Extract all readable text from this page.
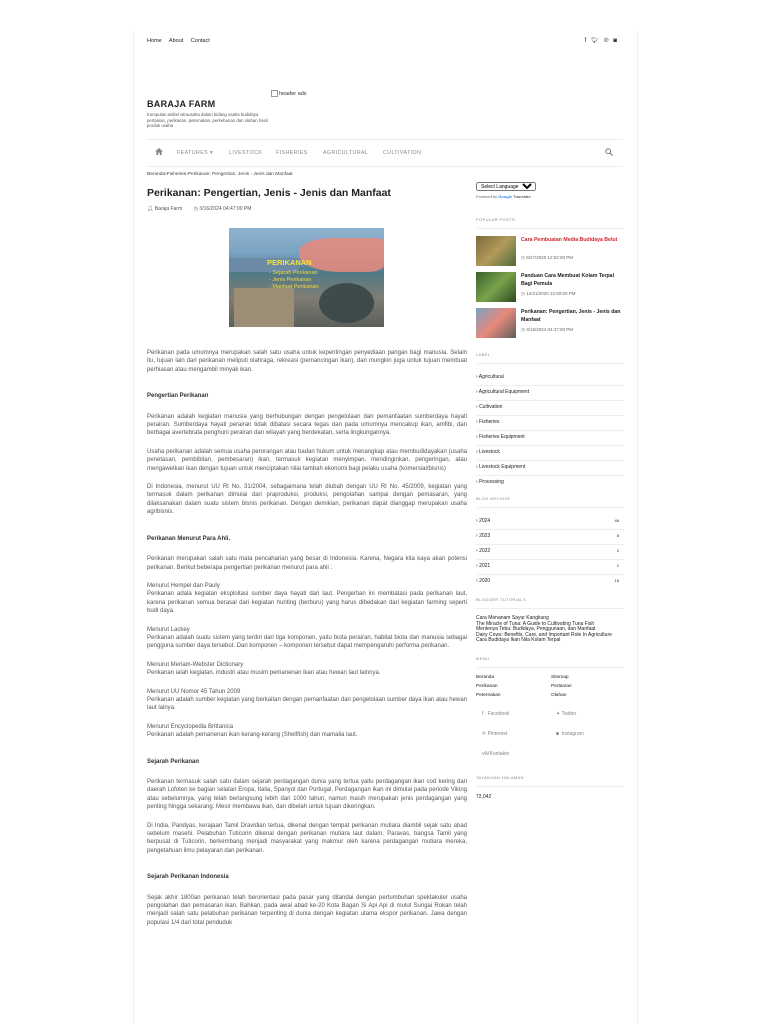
Home About Contact	f🐦︎℗◙
BARAJA FARM
Kumpulan artikel wirausaha dalam bidang usaha budidaya pertanian, perikanan, peternakan, perkebunan dan olahan hasil produk usaha
header ads
FEATURES ▾	LIVESTOCK	FISHERIES	AGRICULTURAL	CULTIVATION
Beranda›Fisheries›Perikanan: Pengertian, Jenis - Jenis dan Manfaat
Perikanan: Pengertian, Jenis - Jenis dan Manfaat
👤︎ Baraja Farm ◷ 3/16/2024 04:47:00 PM
PERIKANAN
- Sejarah Perikanan
- Jenis Perikanan
- Manfaat Perikanan

Perikanan pada umumnya merupakan salah satu usaha untuk kepentingan penyediaan pangan bagi manusia. Selain itu, tujuan lain dari perikanan meliputi olahraga, rekreasi (pemancingan ikan), dan mungkin juga untuk tujuan membuat perhiasan atau mengambil minyak ikan.

Pengertian Perikanan

Perikanan adalah kegiatan manusia yang berhubungan dengan pengelolaan dan pemanfaatan sumberdaya hayati perairan. Sumberdaya hayati perairan tidak dibatasi secara tegas dan pada umumnya mencakup ikan, amfibi, dan berbagai avertebrata penghuni perairan dan wilayah yang berdekatan, serta lingkungannya.

Usaha perikanan adalah semua usaha perorangan atau badan hukum untuk menangkap atau membudidayakan (usaha penetasan, pembibitan, pembesaran) ikan, termasuk kegiatan menyimpan, mendinginkan, pengeringan, atau mengawetkan ikan dengan tujuan untuk menciptakan nilai tambah ekonomi bagi pelaku usaha (komersial/bisnis)

Di Indonesia, menurut UU RI No. 31/2004, sebagaimana telah diubah dengan UU RI No. 45/2009, kegiatan yang termasuk dalam perikanan dimulai dari praproduksi, produksi, pengolahan sampai dengan pemasaran, yang dilaksanakan dalam suatu sistem bisnis perikanan. Dengan demikian, perikanan dapat dianggap merupakan usaha agribisnis.

Perikanan Menurut Para Ahli.

Perikanan merupakan salah satu mata pencaharian yang besar di Indonesia. Karena, Negara kita kaya akan potensi perikanan. Berikut beberapa pengertian perikanan menurut para ahli :

Menurut Hempel dan Pauly
Perikanan adala kegiatan eksploitasi sumber daya hayati dari laut. Pengertian ini membatasi pada perikanan laut, karena perikanan semua berasal dari kegiatan hunting (berburu) yang harus dibedakan dari kegiatan farming seperti budi daya.

Menurut Lackey
Perikanan adalah suatu sistem yang terdiri dari tiga komponen, yaitu biota perairan, habitat biota dan manusia sebagai pengguna sumber daya tersebut. Dari komponen – komponen tersebut dapat mempengaruhi performa perikanan.

Menurut Meriam-Webster Dictionary
Perikanan ialah kegiatan, industri atau musim pemanenan ikan atau hewan laut lainnya.

Menurut UU Nomor 45 Tahun 2009
Perikanan adalah sumber kegiatan yang berkaitan dengan pemanfaatan dan pengelolaan sumber daya ikan atau hewan laut lainya.

Menurut Encyclopedia Brittanica
Perikanan adalah pemanenan ikan kerang-kerang (Shellfish) dan mamalia laut.

Sejarah Perikanan

Perikanan termasuk salah satu dalam sejarah perdagangan dunia yang tertua yaitu perdagangan ikan cod kering dari daerah Lofoten ke bagian selatan Eropa, Italia, Spanyol dan Portugal. Perdagangan ikan ini dimulai pada periode Viking atau sebelumnya, yang telah berlangsung lebih dari 1000 tahun, namun masih merupakan jenis perdagangan yang penting hingga sekarang. Mesir membawa ikan, dan dibelah untuk tujuan dikeringkan.

Di India, Pandyas, kerajaan Tamil Dravidian tertua, dikenal dengan tempat perikanan mutiara diambil sejak satu abad sebelum masehi. Pelabuhan Tuticorin dikenal dengan perikanan mutiara laut dalam. Paravas, bangsa Tamil yang berpusat di Tuticorin, berkembang menjadi masyarakat yang makmur oleh karena perdagangan mutiara mereka, pengetahuan ilmu pelayaran dan perikanan.

Sejarah Perikanan Indonesia

Sejak akhir 1800an perikanan telah berorientasi pada pasar yang ditandai dengan pertumbuhan spektakuler usaha pengolahan dan pemasaran ikan. Bahkan, pada awal abad ke-20 Kota Bagan Si Api Api di mulut Sungai Rokan telah menjadi salah satu pelabuhan perikanan terpenting di dunia dengan kegiatan utama ekspor perikanan. Jawa dengan populasi 1/4 dari total penduduk

Select Language
Powered by Google Translate
POPULAR POSTS
Cara Pembuatan Media Budidaya Belut
◷ 9/27/2020 12:02:00 PM
Panduan Cara Membuat Kolam Terpal Bagi Pemula
◷ 12/21/2020 12:50:00 PM
Perikanan: Pengertian, Jenis - Jenis dan Manfaat
◷ 3/16/2024 04:47:00 PM
LABEL
› Agricultural
› Agricultural Equipment
› Cultivation
› Fisheries
› Fisheries Equipment
› Livestock
› Livestock Equipment
› Processing
BLOG ARCHIVE
› 2024	46
› 2023	8
› 2022	2
› 2021	1
› 2020	15
BLOGGER TUTORIALS
Cara Menanam Sayur Kangkung
The Miracle of Tuna: A Guide to Cultivating Tuna Fish
Mentenya Tebu: Budidaya, Penggunaan, dan Manfaat
Dairy Cows: Benefits, Care, and Important Role In Agriculture
Cara Budidaya Ikan Nila Kolam Terpal
MENU
Beranda	Sitemap
Perikanan	Pertanian
Peternakan	Olahan
f
Facebook	✦
Twitter
℗
Pinterest	◙
Instagram
vk
VKontakte
TAYANGAN HALAMAN
72,042
